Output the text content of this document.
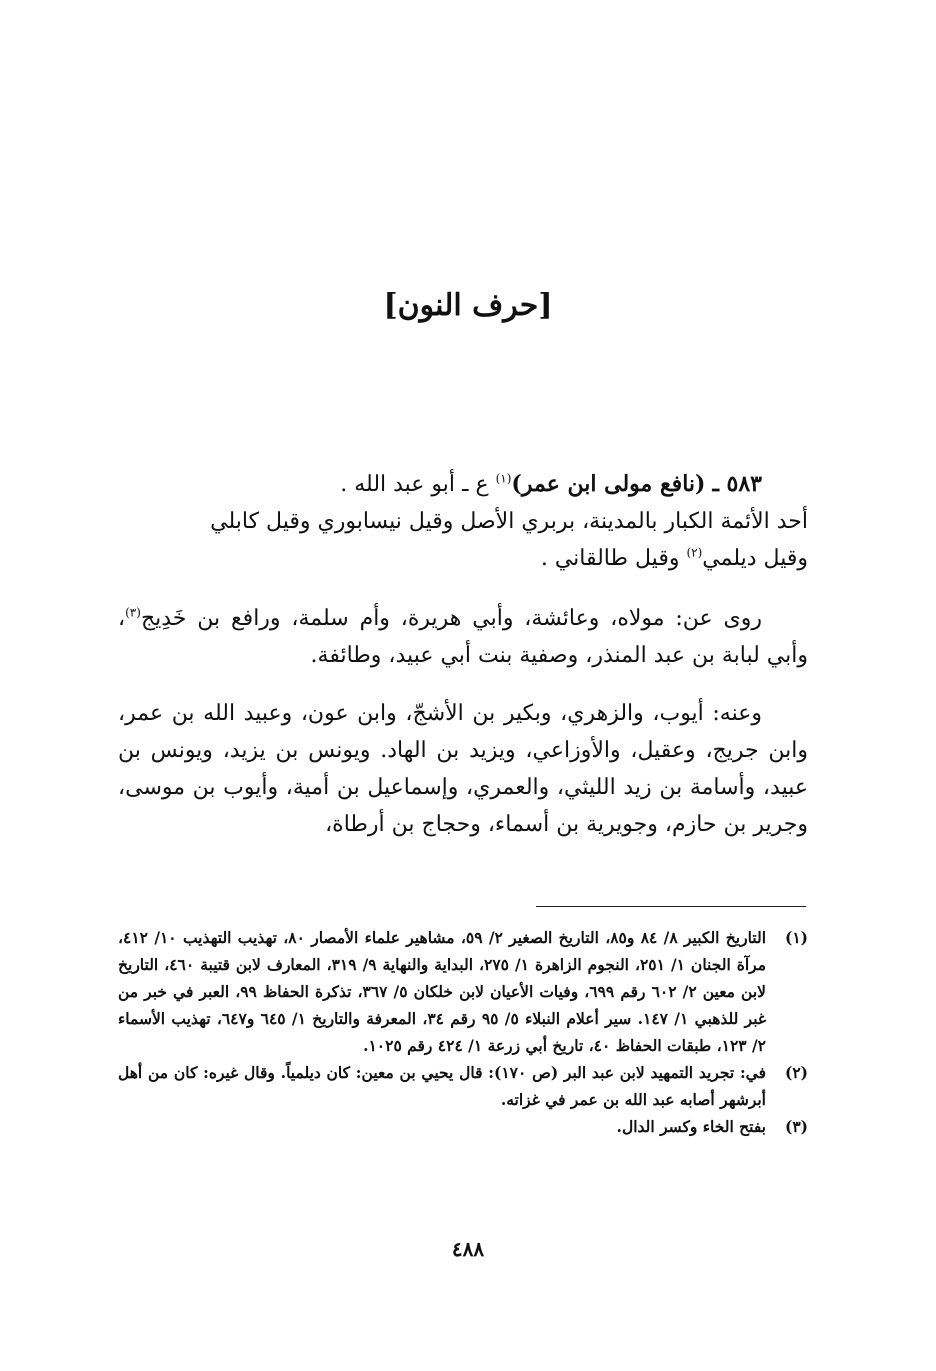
[حرف النون]
٥٨٣ ـ (نافع مولى ابن عمر)$^{(١)}$ ع ـ أبو عبد الله .
أحد الأئمة الكبار بالمدينة، بربري الأصل وقيل نيسابوري وقيل كابلي
وقيل ديلمي$^{(٢)}$ وقيل طالقاني .
روى عن: مولاه، وعائشة، وأبي هريرة، وأم سلمة، ورافع بن خَدِيج$^{(٣)}$، وأبي لبابة بن عبد المنذر، وصفية بنت أبي عبيد، وطائفة.
وعنه: أيوب، والزهري، وبكير بن الأشجّ، وابن عون، وعبيد الله بن عمر، وابن جريج، وعقيل، والأوزاعي، ويزيد بن الهاد. ويونس بن يزيد، ويونس بن عبيد، وأسامة بن زيد الليثي، والعمري، وإسماعيل بن أمية، وأيوب بن موسى، وجرير بن حازم، وجويرية بن أسماء، وحجاج بن أرطاة،
(١)
التاريخ الكبير ٨/ ٨٤ و٨٥، التاريخ الصغير ٢/ ٥٩، مشاهير علماء الأمصار ٨٠، تهذيب التهذيب ١٠/ ٤١٢، مرآة الجنان ١/ ٢٥١، النجوم الزاهرة ١/ ٢٧٥، البداية والنهاية ٩/ ٣١٩، المعارف لابن قتيبة ٤٦٠، التاريخ لابن معين ٢/ ٦٠٢ رقم ٦٩٩، وفيات الأعيان لابن خلكان ٥/ ٣٦٧، تذكرة الحفاظ ٩٩، العبر في خبر من غبر للذهبي ١/ ١٤٧. سير أعلام النبلاء ٥/ ٩٥ رقم ٣٤، المعرفة والتاريخ ١/ ٦٤٥ و٦٤٧، تهذيب الأسماء ٢/ ١٢٣، طبقات الحفاظ ٤٠، تاريخ أبي زرعة ١/ ٤٢٤ رقم ١٠٢٥.
(٢)
في: تجريد التمهيد لابن عبد البر (ص ١٧٠): قال يحيي بن معين: كان ديلمياً. وقال غيره: كان من أهل أبرشهر أصابه عبد الله بن عمر في غزاته.
(٣)
بفتح الخاء وكسر الدال.
٤٨٨
